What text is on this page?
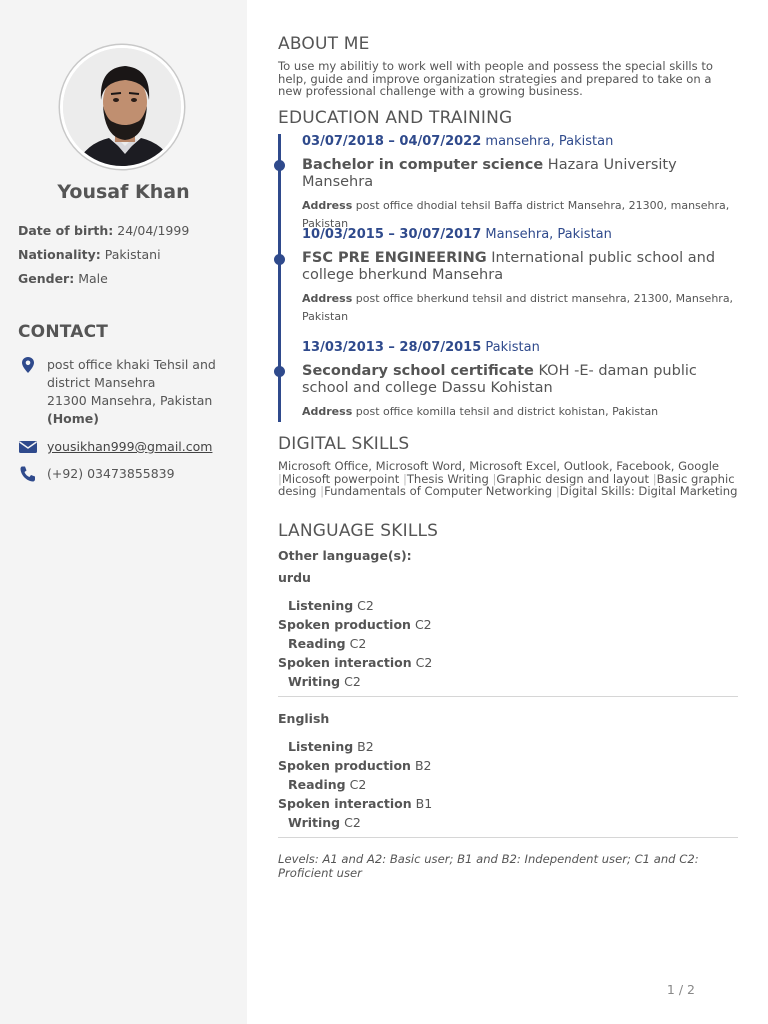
Yousaf Khan
Date of birth: 24/04/1999
Nationality: Pakistani
Gender: Male
CONTACT
post office khaki Tehsil and district Mansehra
21300 Mansehra, Pakistan
(Home)
yousikhan999@gmail.com
(+92) 03473855839
ABOUT ME
To use my abilitiy to work well with people and possess the special skills to help, guide and improve organization strategies and prepared to take on a new professional challenge with a growing business.
EDUCATION AND TRAINING
03/07/2018 – 04/07/2022 mansehra, Pakistan
Bachelor in computer science Hazara University Mansehra
Address post office dhodial tehsil Baffa district Mansehra, 21300, mansehra, Pakistan
10/03/2015 – 30/07/2017 Mansehra, Pakistan
FSC PRE ENGINEERING International public school and college bherkund Mansehra
Address post office bherkund tehsil and district mansehra, 21300, Mansehra, Pakistan
13/03/2013 – 28/07/2015 Pakistan
Secondary school certificate KOH -E- daman public school and college Dassu Kohistan
Address post office komilla tehsil and district kohistan, Pakistan
DIGITAL SKILLS
Microsoft Office, Microsoft Word, Microsoft Excel, Outlook, Facebook, Google |Micosoft powerpoint |Thesis Writing |Graphic design and layout |Basic graphic desing |Fundamentals of Computer Networking |Digital Skills: Digital Marketing
LANGUAGE SKILLS
Other language(s):
urdu
Listening C2
Spoken production C2
Reading C2
Spoken interaction C2
Writing C2
English
Listening B2
Spoken production B2
Reading C2
Spoken interaction B1
Writing C2
Levels: A1 and A2: Basic user; B1 and B2: Independent user; C1 and C2: Proficient user
1 / 2
